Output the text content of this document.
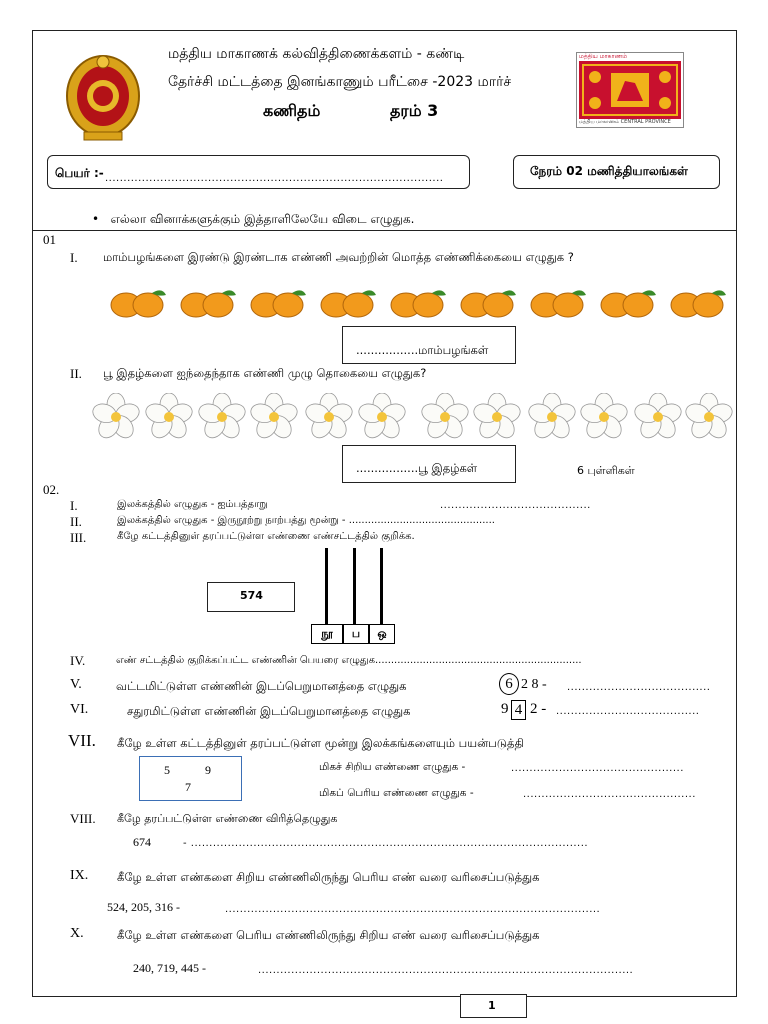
மத்திய மாகாணக் கல்வித்திணைக்களம் - கண்டி
தேர்ச்சி மட்டத்தை இனங்காணும் பரீட்சை -2023 மார்ச்
கணிதம்	தரம் 3
மத்திய மாகாணம்
மத்திய மாகாணம் CENTRAL PROVINCE
பெயர் :- ............................................................................................
நேரம் 02 மணித்தியாலங்கள்
•   எல்லா வினாக்களுக்கும் இத்தாளிலேயே விடை எழுதுக.
01
I. மாம்பழங்களை இரண்டு இரண்டாக எண்ணி அவற்றின் மொத்த எண்ணிக்கையை எழுதுக ?
.................மாம்பழங்கள்
II. பூ இதழ்களை ஐந்தைந்தாக எண்ணி முழு தொகையை எழுதுக?
.................பூ இதழ்கள்	6 புள்ளிகள்
02.
I.	இலக்கத்தில் எழுதுக - ஐம்பத்தாறு	.........................................
II.	இலக்கத்தில் எழுதுக - இருநூற்று நாற்பத்து மூன்று - ..............................................
III.	கீழே கட்டத்தினுள் தரப்பட்டுள்ள எண்ணை எண்சட்டத்தில் குறிக்க.
574
நூ	ப	ஒ
IV.	எண் சட்டத்தில் குறிக்கப்பட்ட எண்ணின் பெயரை எழுதுக.................................................................
V.	வட்டமிட்டுள்ள எண்ணின் இடப்பெறுமானத்தை எழுதுக	6 2 8 - .......................................
VI.	சதுரமிட்டுள்ள எண்ணின் இடப்பெறுமானத்தை எழுதுக	9 4 2 - .......................................
VII. கீழே உள்ள கட்டத்தினுள் தரப்பட்டுள்ள மூன்று இலக்கங்களையும் பயன்படுத்தி
5	9
7
மிகச் சிறிய எண்ணை எழுதுக -	...............................................
மிகப் பெரிய எண்ணை எழுதுக -	...............................................
VIII. கீழே தரப்பட்டுள்ள எண்ணை விரித்தெழுதுக
674	- ............................................................................................................
IX. கீழே உள்ள எண்களை சிறிய எண்ணிலிருந்து பெரிய எண் வரை வரிசைப்படுத்துக
524, 205, 316 -	......................................................................................................
X.	கீழே உள்ள எண்களை பெரிய எண்ணிலிருந்து சிறிய எண் வரை வரிசைப்படுத்துக
240, 719, 445 -	......................................................................................................
1
